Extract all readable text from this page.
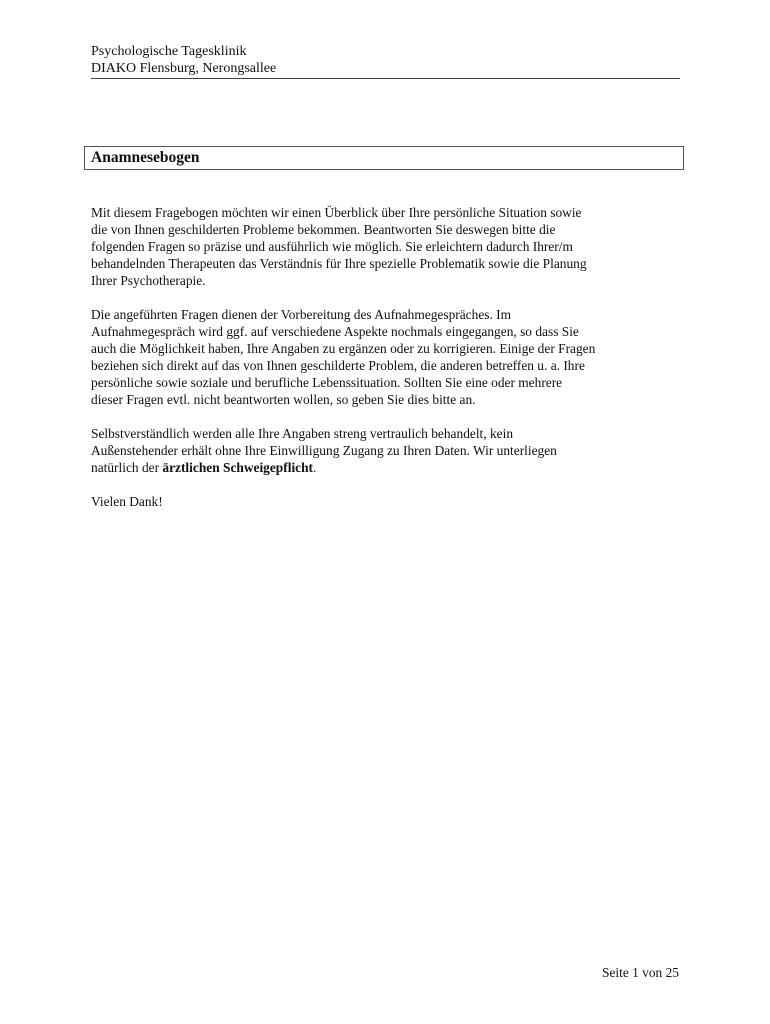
Psychologische Tagesklinik
DIAKO Flensburg, Nerongsallee
Anamnesebogen

Mit diesem Fragebogen möchten wir einen Überblick über Ihre persönliche Situation sowie
die von Ihnen geschilderten Probleme bekommen. Beantworten Sie deswegen bitte die
folgenden Fragen so präzise und ausführlich wie möglich. Sie erleichtern dadurch Ihrer/m
behandelnden Therapeuten das Verständnis für Ihre spezielle Problematik sowie die Planung
Ihrer Psychotherapie.

Die angeführten Fragen dienen der Vorbereitung des Aufnahmegespräches. Im
Aufnahmegespräch wird ggf. auf verschiedene Aspekte nochmals eingegangen, so dass Sie
auch die Möglichkeit haben, Ihre Angaben zu ergänzen oder zu korrigieren. Einige der Fragen
beziehen sich direkt auf das von Ihnen geschilderte Problem, die anderen betreffen u. a. Ihre
persönliche sowie soziale und berufliche Lebenssituation. Sollten Sie eine oder mehrere
dieser Fragen evtl. nicht beantworten wollen, so geben Sie dies bitte an.

Selbstverständlich werden alle Ihre Angaben streng vertraulich behandelt, kein
Außenstehender erhält ohne Ihre Einwilligung Zugang zu Ihren Daten. Wir unterliegen
natürlich der ärztlichen Schweigepflicht.

Vielen Dank!

Seite 1 von 25
